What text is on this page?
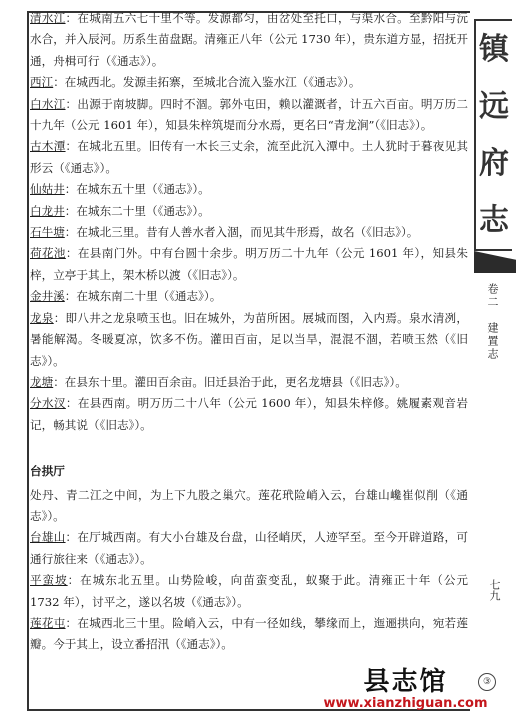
清水江：在城南五六七十里不等。发源都匀，由岔处至托口，与渠水合。至黔阳与沅水合，并入辰河。历系生苗盘踞。清雍正八年（公元 1730 年），贵东道方显，招抚开通，舟楫可行（《通志》）。

西江：在城西北。发源圭拓寨，至城北合流入鉴水江（《通志》）。

白水江：出源于南坡脚。四时不涸。郭外屯田，赖以灌溉者，计五六百亩。明万历二十九年（公元 1601 年），知县朱梓筑堤而分水焉，更名曰“青龙涧”（《旧志》）。

古木潭：在城北五里。旧传有一木长三丈余，流至此沉入潭中。土人犹时于暮夜见其形云（《通志》）。

仙姑井：在城东五十里（《通志》）。

白龙井：在城东二十里（《通志》）。

石牛塘：在城北三里。昔有人善水者入涸，而见其牛形焉，故名（《旧志》）。

荷花池：在县南门外。中有台圆十余步。明万历二十九年（公元 1601 年），知县朱梓，立亭于其上，架木桥以渡（《旧志》）。

金井溪：在城东南二十里（《通志》）。

龙泉：即八井之龙泉喷玉也。旧在城外，为苗所困。展城而图，入内焉。泉水清冽，暑能解渴。冬暖夏凉，饮多不伤。灌田百亩，足以当旱，混混不涸，若喷玉然（《旧志》）。

龙塘：在县东十里。灌田百余亩。旧迁县治于此，更名龙塘县（《旧志》）。

分水汊：在县西南。明万历二十八年（公元 1600 年），知县朱梓修。姚履素观音岩记，畅其说（《旧志》）。

台拱厅

处丹、青二江之中间，为上下九股之巢穴。莲花玳险峭入云，台雄山巉崔似削（《通志》）。

台雄山：在厅城西南。有大小台雄及台盘，山径峭厌，人迹罕至。至今开辟道路，可通行旅往来（《通志》）。

平蛮坡：在城东北五里。山势险峻，向苗蛮变乱，蚁聚于此。清雍正十年（公元 1732 年），讨平之，遂以名坡（《通志》）。

莲花屯：在城西北三十里。险峭入云，中有一径如线，攀缘而上，迤逦拱向，宛若莲瓣。今于其上，设立番招汛（《通志》）。

镇
远
府
志
卷二　建置志
七九
③
县志馆
www.xianzhiguan.com
